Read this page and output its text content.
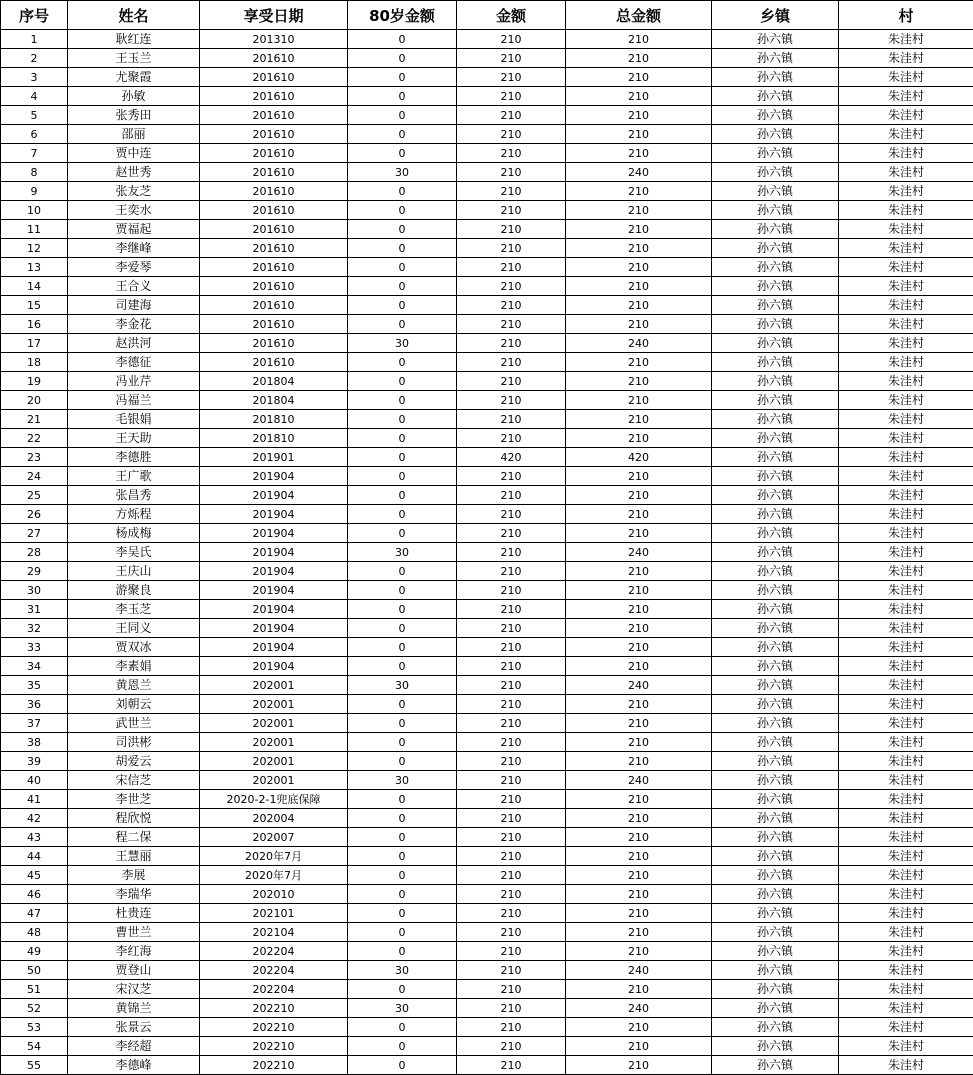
序号	姓名	享受日期	80岁金额	金额	总金额	乡镇	村
1	耿红连	201310	0	210	210	孙六镇	朱洼村
2	王玉兰	201610	0	210	210	孙六镇	朱洼村
3	尤聚霞	201610	0	210	210	孙六镇	朱洼村
4	孙敏	201610	0	210	210	孙六镇	朱洼村
5	张秀田	201610	0	210	210	孙六镇	朱洼村
6	邵丽	201610	0	210	210	孙六镇	朱洼村
7	贾中连	201610	0	210	210	孙六镇	朱洼村
8	赵世秀	201610	30	210	240	孙六镇	朱洼村
9	张友芝	201610	0	210	210	孙六镇	朱洼村
10	王奕水	201610	0	210	210	孙六镇	朱洼村
11	贾福起	201610	0	210	210	孙六镇	朱洼村
12	李继峰	201610	0	210	210	孙六镇	朱洼村
13	李爱琴	201610	0	210	210	孙六镇	朱洼村
14	王合义	201610	0	210	210	孙六镇	朱洼村
15	司建海	201610	0	210	210	孙六镇	朱洼村
16	李金花	201610	0	210	210	孙六镇	朱洼村
17	赵洪河	201610	30	210	240	孙六镇	朱洼村
18	李德征	201610	0	210	210	孙六镇	朱洼村
19	冯业芹	201804	0	210	210	孙六镇	朱洼村
20	冯福兰	201804	0	210	210	孙六镇	朱洼村
21	毛银娟	201810	0	210	210	孙六镇	朱洼村
22	王天助	201810	0	210	210	孙六镇	朱洼村
23	李德胜	201901	0	420	420	孙六镇	朱洼村
24	王广歌	201904	0	210	210	孙六镇	朱洼村
25	张昌秀	201904	0	210	210	孙六镇	朱洼村
26	方烁程	201904	0	210	210	孙六镇	朱洼村
27	杨成梅	201904	0	210	210	孙六镇	朱洼村
28	李吴氏	201904	30	210	240	孙六镇	朱洼村
29	王庆山	201904	0	210	210	孙六镇	朱洼村
30	游聚良	201904	0	210	210	孙六镇	朱洼村
31	李玉芝	201904	0	210	210	孙六镇	朱洼村
32	王同义	201904	0	210	210	孙六镇	朱洼村
33	贾双冰	201904	0	210	210	孙六镇	朱洼村
34	李素娟	201904	0	210	210	孙六镇	朱洼村
35	黄恩兰	202001	30	210	240	孙六镇	朱洼村
36	刘朝云	202001	0	210	210	孙六镇	朱洼村
37	武世兰	202001	0	210	210	孙六镇	朱洼村
38	司洪彬	202001	0	210	210	孙六镇	朱洼村
39	胡爱云	202001	0	210	210	孙六镇	朱洼村
40	宋信芝	202001	30	210	240	孙六镇	朱洼村
41	李世芝	2020-2-1兜底保障	0	210	210	孙六镇	朱洼村
42	程欣悦	202004	0	210	210	孙六镇	朱洼村
43	程二保	202007	0	210	210	孙六镇	朱洼村
44	王慧丽	2020年7月	0	210	210	孙六镇	朱洼村
45	李展	2020年7月	0	210	210	孙六镇	朱洼村
46	李瑞华	202010	0	210	210	孙六镇	朱洼村
47	杜贵连	202101	0	210	210	孙六镇	朱洼村
48	曹世兰	202104	0	210	210	孙六镇	朱洼村
49	李红海	202204	0	210	210	孙六镇	朱洼村
50	贾登山	202204	30	210	240	孙六镇	朱洼村
51	宋汉芝	202204	0	210	210	孙六镇	朱洼村
52	黄锦兰	202210	30	210	240	孙六镇	朱洼村
53	张景云	202210	0	210	210	孙六镇	朱洼村
54	李经超	202210	0	210	210	孙六镇	朱洼村
55	李德峰	202210	0	210	210	孙六镇	朱洼村
